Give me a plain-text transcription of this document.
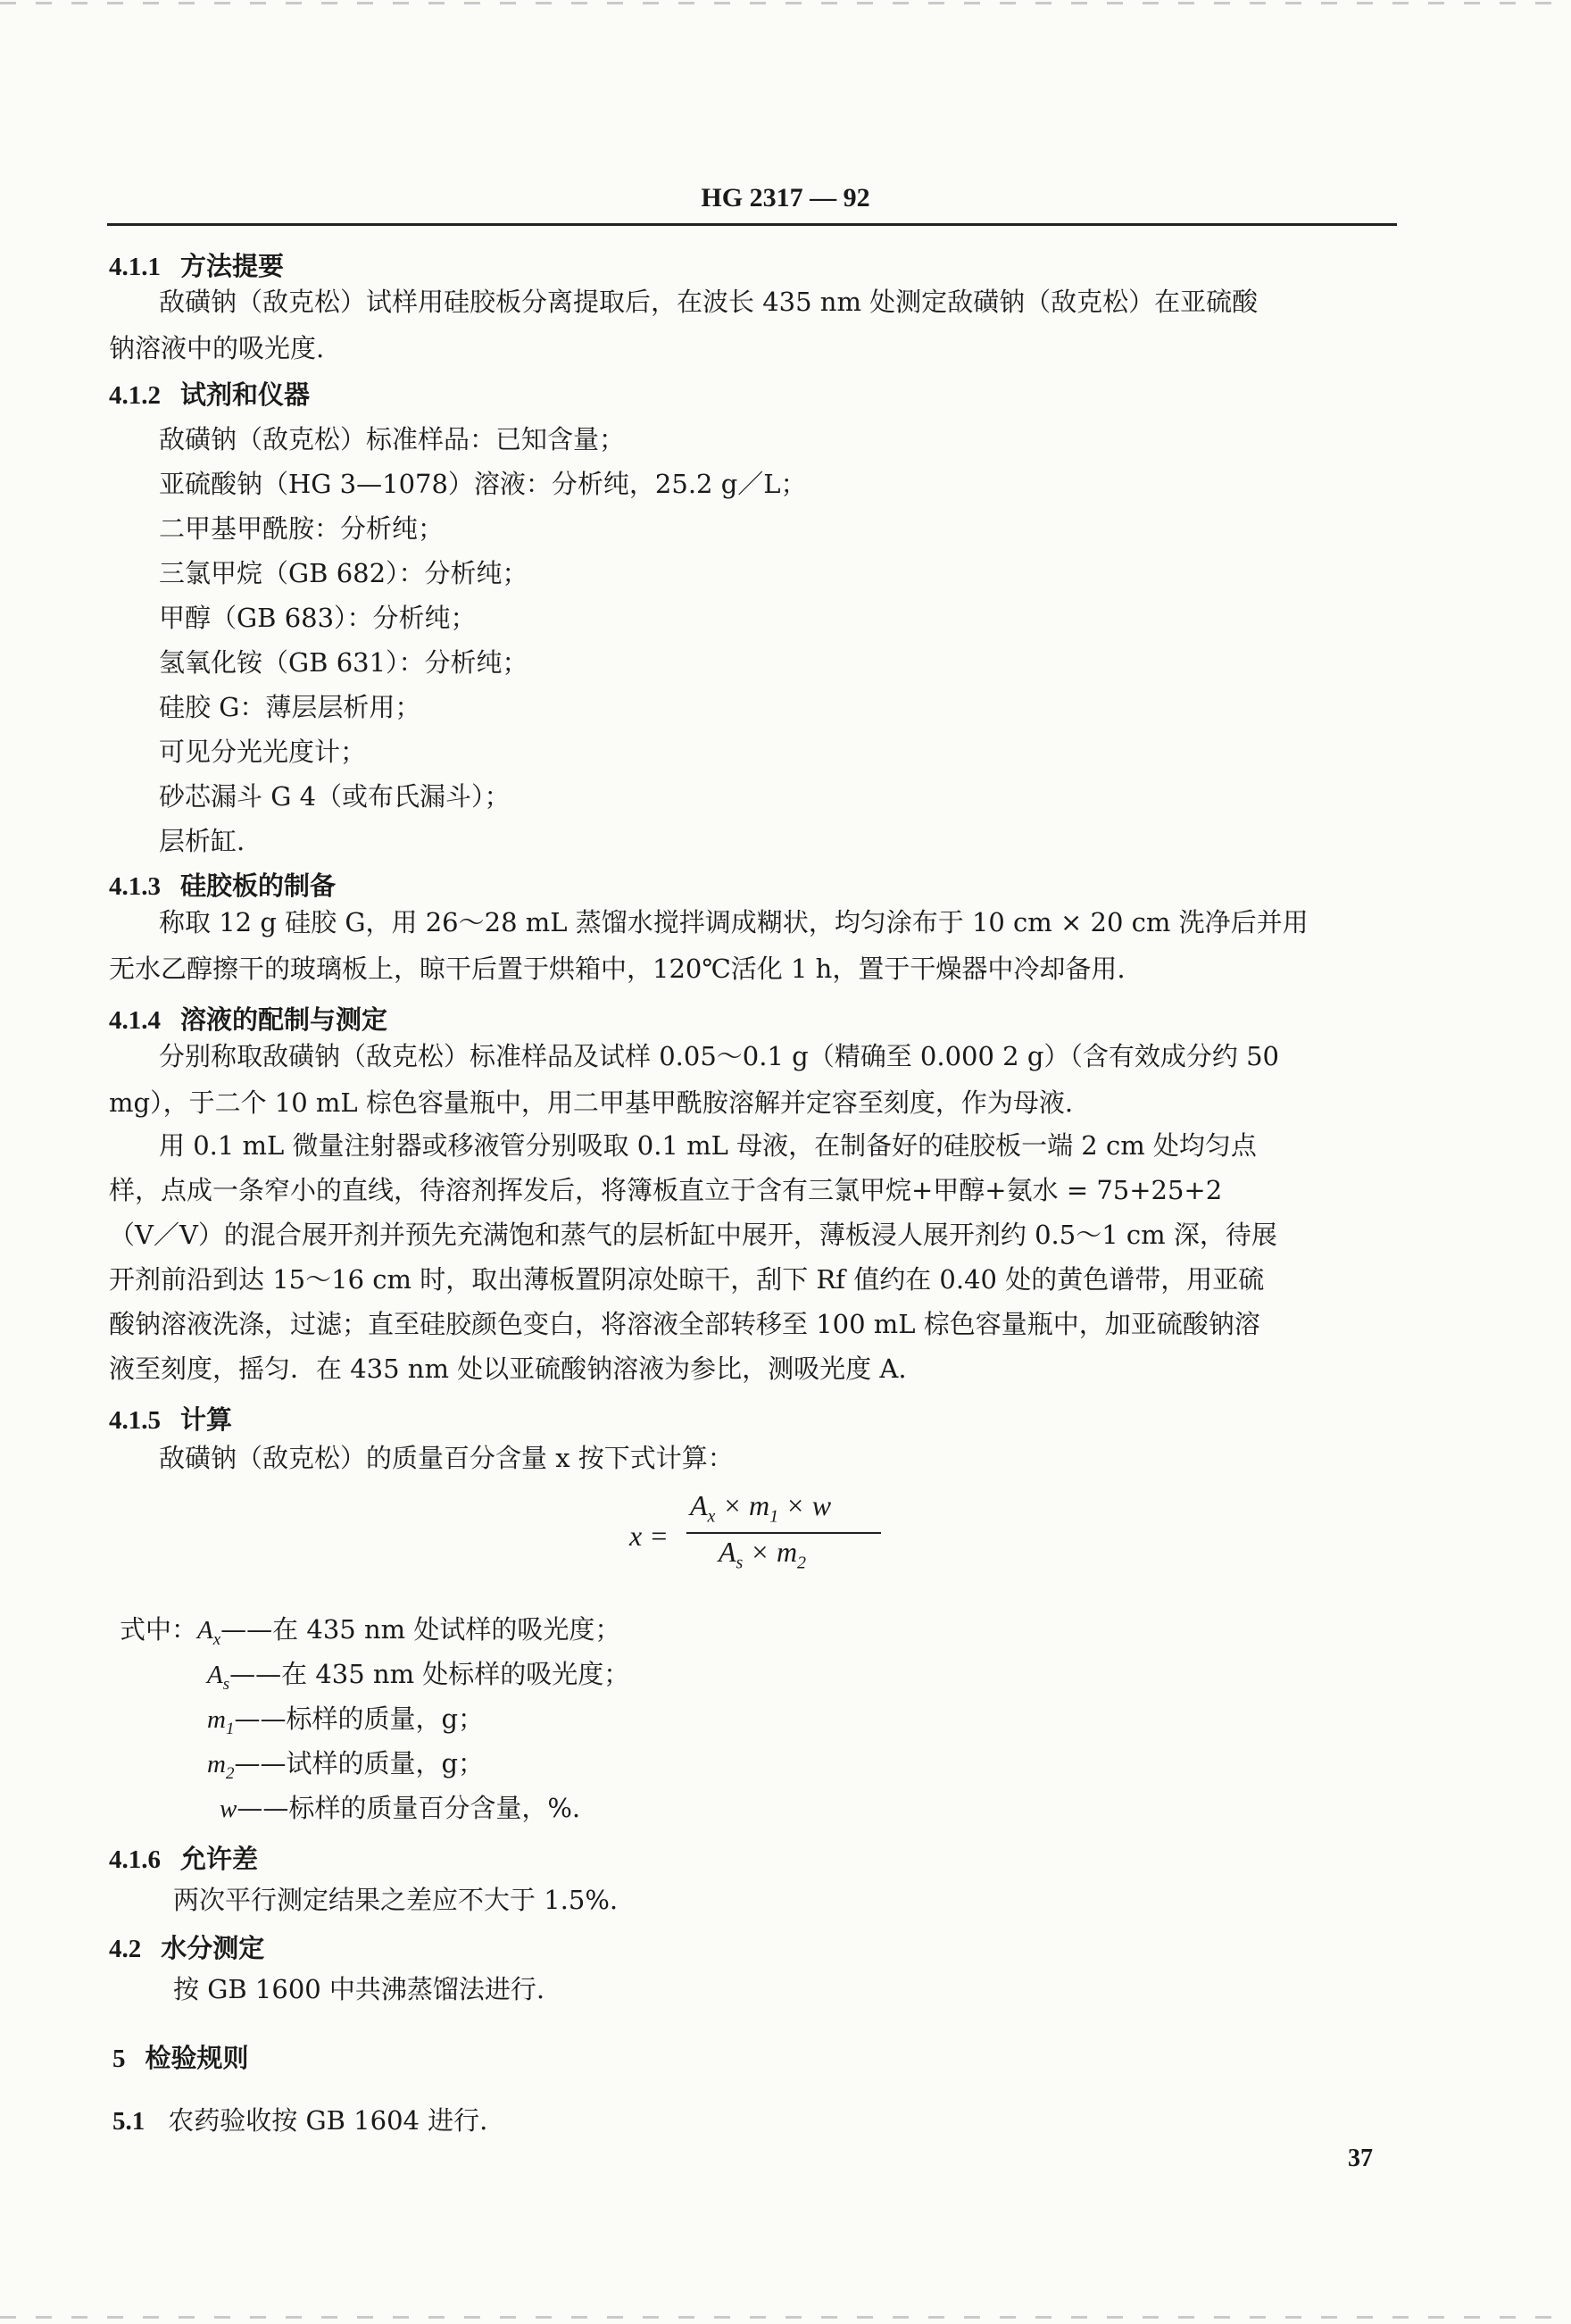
HG 2317 — 92
4.1.1 方法提要
敌磺钠（敌克松）试样用硅胶板分离提取后，在波长 435 nm 处测定敌磺钠（敌克松）在亚硫酸
钠溶液中的吸光度.
4.1.2 试剂和仪器
敌磺钠（敌克松）标准样品：已知含量；
亚硫酸钠（HG 3—1078）溶液：分析纯，25.2 g／L；
二甲基甲酰胺：分析纯；
三氯甲烷（GB 682）：分析纯；
甲醇（GB 683）：分析纯；
氢氧化铵（GB 631）：分析纯；
硅胶 G：薄层层析用；
可见分光光度计；
砂芯漏斗 G 4（或布氏漏斗）；
层析缸.
4.1.3 硅胶板的制备
称取 12 g 硅胶 G，用 26～28 mL 蒸馏水搅拌调成糊状，均匀涂布于 10 cm × 20 cm 洗净后并用
无水乙醇擦干的玻璃板上，晾干后置于烘箱中，120℃活化 1 h，置于干燥器中冷却备用.
4.1.4 溶液的配制与测定
分别称取敌磺钠（敌克松）标准样品及试样 0.05～0.1 g（精确至 0.000 2 g）（含有效成分约 50
mg），于二个 10 mL 棕色容量瓶中，用二甲基甲酰胺溶解并定容至刻度，作为母液.
用 0.1 mL 微量注射器或移液管分别吸取 0.1 mL 母液，在制备好的硅胶板一端 2 cm 处均匀点
样，点成一条窄小的直线，待溶剂挥发后，将簿板直立于含有三氯甲烷+甲醇+氨水 = 75+25+2
（V／V）的混合展开剂并预先充满饱和蒸气的层析缸中展开，薄板浸人展开剂约 0.5～1 cm 深，待展
开剂前沿到达 15～16 cm 时，取出薄板置阴凉处晾干，刮下 Rf 值约在 0.40 处的黄色谱带，用亚硫
酸钠溶液洗涤，过滤；直至硅胶颜色变白，将溶液全部转移至 100 mL 棕色容量瓶中，加亚硫酸钠溶
液至刻度，摇匀．在 435 nm 处以亚硫酸钠溶液为参比，测吸光度 A.
4.1.5 计算
敌磺钠（敌克松）的质量百分含量 x 按下式计算：
x =
$A_x \times m_1 \times w$
$A_s \times m_2$
式中：$A_x——$在 435 nm 处试样的吸光度；
$A_s——$在 435 nm 处标样的吸光度；
$m_1——$标样的质量，g；
$m_2——$试样的质量，g；
w——标样的质量百分含量，%.
4.1.6 允许差
两次平行测定结果之差应不大于 1.5%.
4.2 水分测定
按 GB 1600 中共沸蒸馏法进行.
5 检验规则
5.1 农药验收按 GB 1604 进行.
37
